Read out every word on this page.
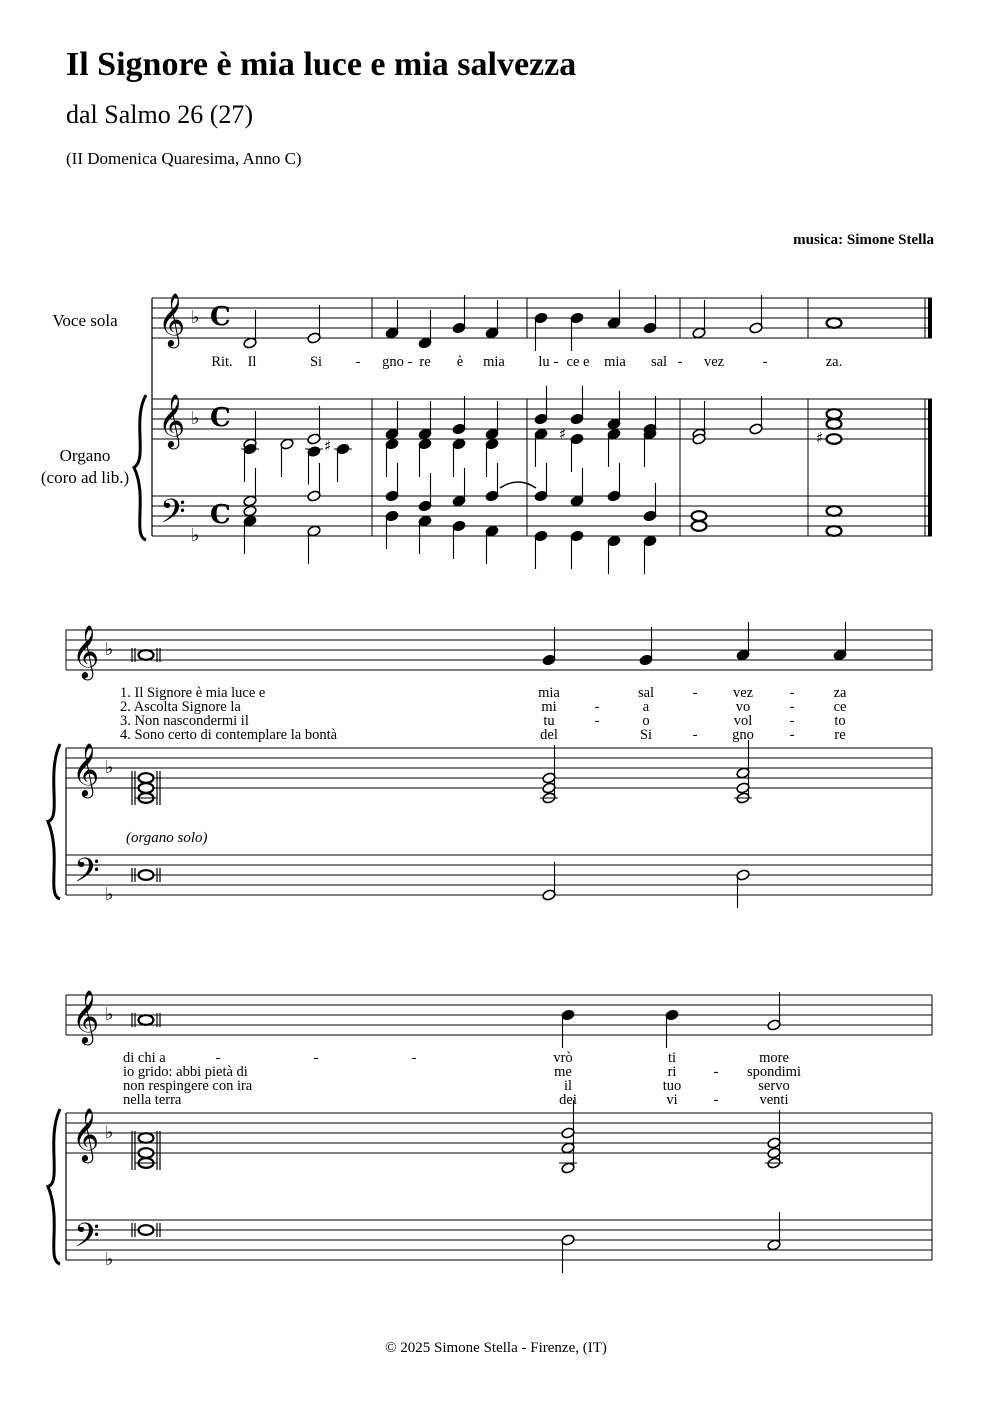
𝄞
𝄞
𝄢
♭
♭
♭
C
C
C
♯
♯	♯
𝄞
𝄞
𝄢
♭
♭
♭
𝄞
𝄞
𝄢
♭
♭
♭
Il Signore è mia luce e mia salvezza
dal Salmo 26 (27)
(II Domenica Quaresima, Anno C)
musica: Simone Stella
Voce sola
Organo
(coro ad lib.)
Rit. Il	Si - gno - re è mia lu - ce e mia sal - vez	-	za.
1. Il Signore è mia luce e
2. Ascolta Signore la
3. Non nascondermi il
4. Sono certo di contemplare la bontà
mia	sal	- vez	-	za
mi	-	a	vo	-	ce
tu	-	o	vol	-	to
del	Si	- gno -	re
(organo solo)
di chi a
io grido: abbi pietà di
non respingere con ira
nella terra
-	-	-	vrò	ti	more
me	ri	- spondimi
il	tuo	servo
dei	vi -	venti
© 2025 Simone Stella - Firenze, (IT)
